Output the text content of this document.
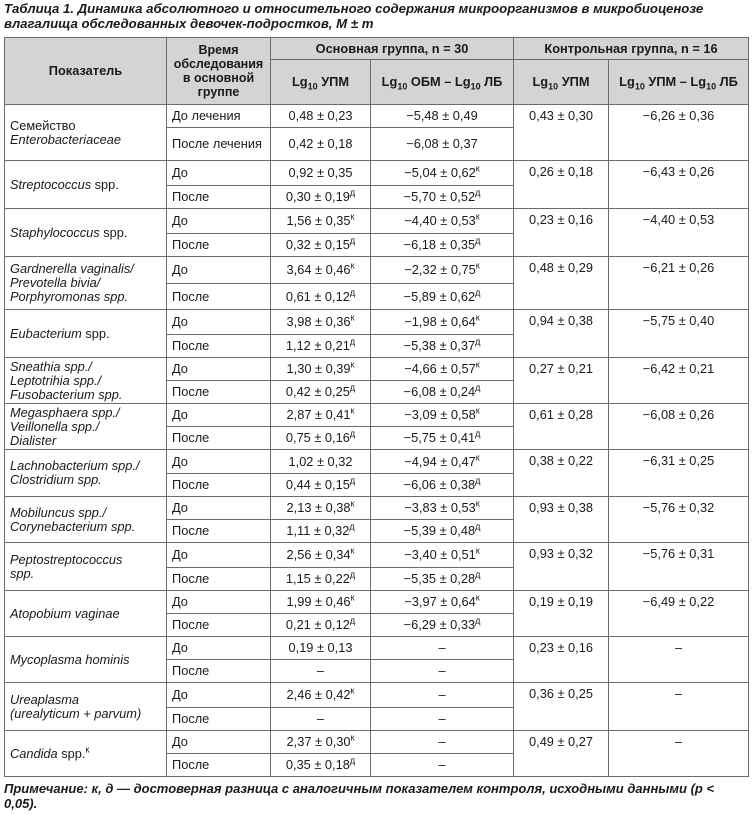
Таблица 1. Динамика абсолютного и относительного содержания микроорганизмов в микробиоценозе влагалища обследованных девочек-подростков, M ± m
Показатель	Время обследования в основной группе	Основная группа, n = 30		Контрольная группа, n = 16	
		$Lg_{10}$ УПМ	$Lg_{10}$ ОБМ – $Lg_{10}$ ЛБ	$Lg_{10}$ УПМ	$Lg_{10}$ УПМ – $Lg_{10}$ ЛБ

Семейство
Enterobacteriaceae	До лечения	0,48 ± 0,23	−5,48 ± 0,49	0,43 ± 0,30	−6,26 ± 0,36
	После лечения	0,42 ± 0,18	−6,08 ± 0,37		

Streptococcus spp.	До	0,92 ± 0,35	$-5,04 \pm 0,62^к$	0,26 ± 0,18	−6,43 ± 0,26
	После	$0,30 \pm 0,19^д$	$-5,70 \pm 0,52^д$

Staphylococcus spp.	До	$1,56 \pm 0,35^к$	$-4,40 \pm 0,53^к$	0,23 ± 0,16	−4,40 ± 0,53
	После	$0,32 \pm 0,15^д$	$-6,18 \pm 0,35^д$

Gardnerella vaginalis/
Prevotella bivia/
Porphyromonas spp.	До	$3,64 \pm 0,46^к$	$-2,32 \pm 0,75^к$	0,48 ± 0,29	−6,21 ± 0,26
	После	$0,61 \pm 0,12^д$	$-5,89 \pm 0,62^д$

Eubacterium spp.	До	$3,98 \pm 0,36^к$	$-1,98 \pm 0,64^к$	0,94 ± 0,38	−5,75 ± 0,40
	После	$1,12 \pm 0,21^д$	$-5,38 \pm 0,37^д$

Sneathia spp./
Leptotrihia spp./
Fusobacterium spp.	До	$1,30 \pm 0,39^к$	$-4,66 \pm 0,57^к$	0,27 ± 0,21	−6,42 ± 0,21
	После	$0,42 \pm 0,25^д$	$-6,08 \pm 0,24^д$

Megasphaera spp./
Veillonella spp./
Dialister	До	$2,87 \pm 0,41^к$	$-3,09 \pm 0,58^к$	0,61 ± 0,28	−6,08 ± 0,26
	После	$0,75 \pm 0,16^д$	$-5,75 \pm 0,41^д$

Lachnobacterium spp./
Clostridium spp.	До	1,02 ± 0,32	$-4,94 \pm 0,47^к$	0,38 ± 0,22	−6,31 ± 0,25
	После	$0,44 \pm 0,15^д$	$-6,06 \pm 0,38^д$

Mobiluncus spp./
Corynebacterium spp.	До	$2,13 \pm 0,38^к$	$-3,83 \pm 0,53^к$	0,93 ± 0,38	−5,76 ± 0,32
	После	$1,11 \pm 0,32^д$	$-5,39 \pm 0,48^д$

Peptostreptococcus
spp.	До	$2,56 \pm 0,34^к$	$-3,40 \pm 0,51^к$	0,93 ± 0,32	−5,76 ± 0,31
	После	$1,15 \pm 0,22^д$	$-5,35 \pm 0,28^д$

Atopobium vaginae	До	$1,99 \pm 0,46^к$	$-3,97 \pm 0,64^к$	0,19 ± 0,19	−6,49 ± 0,22
	После	$0,21 \pm 0,12^д$	$-6,29 \pm 0,33^д$

Mycoplasma hominis	До	0,19 ± 0,13	–	0,23 ± 0,16	–
	После	–	–		

Ureaplasma
(urealyticum + parvum)	До	$2,46 \pm 0,42^к$	–	0,36 ± 0,25	–
	После	–	–		

Candida spp.$^к$	До	$2,37 \pm 0,30^к$	–	0,49 ± 0,27	–
	После	$0,35 \pm 0,18^д$	–		
Примечание: к, д — достоверная разница с аналогичным показателем контроля, исходными данными (p < 0,05).
